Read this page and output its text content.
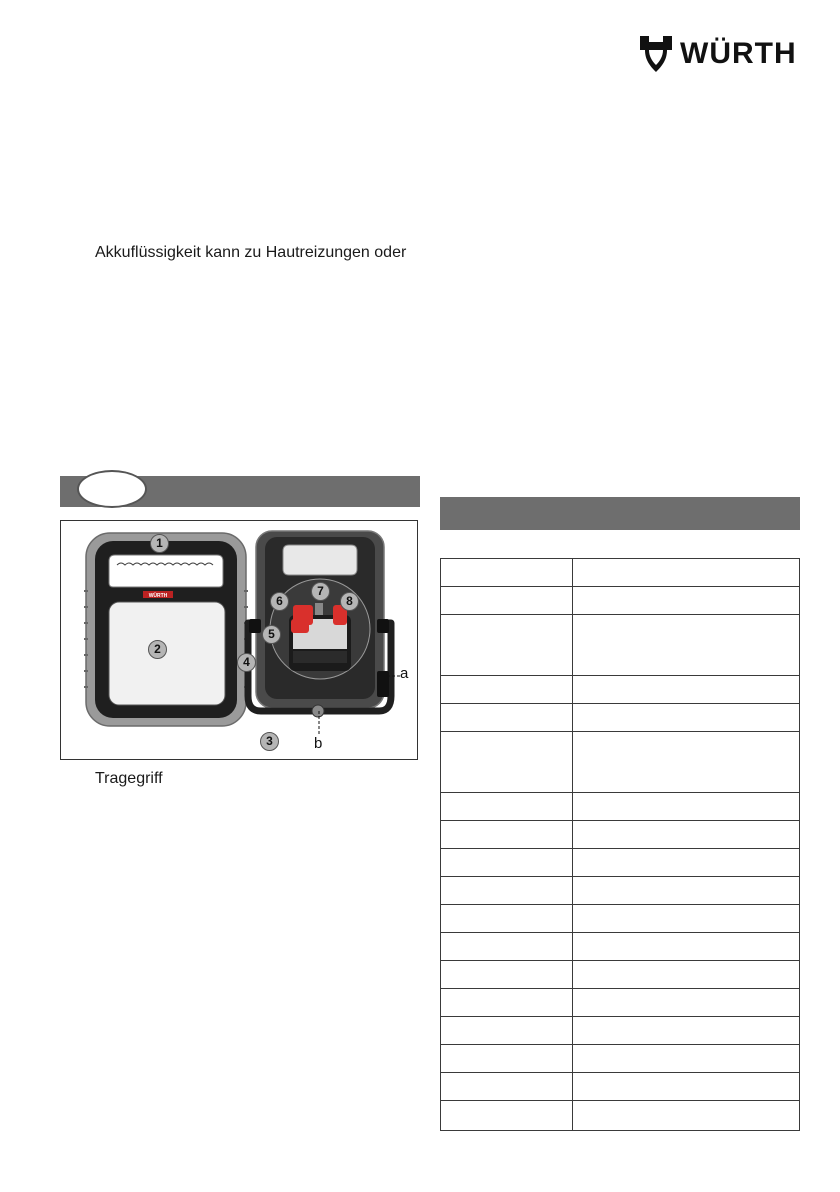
WÜRTH
Akkuflüssigkeit kann zu Hautreizungen oder
WÜRTH
1
2
3
4
5
6
7
8
a
b
Tragegriff
